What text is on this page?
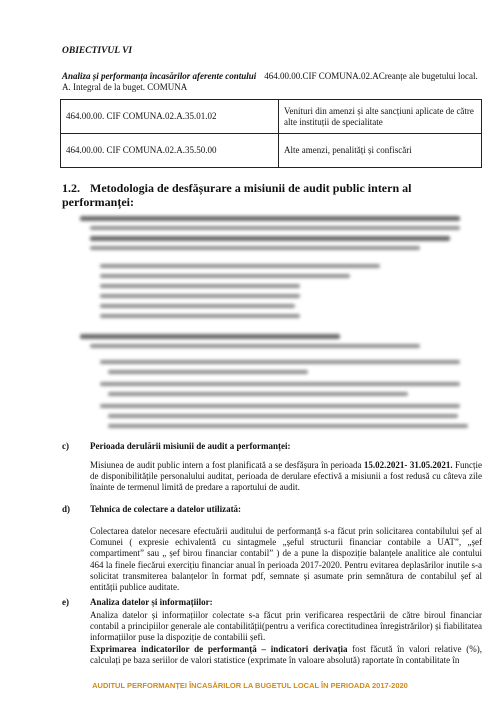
OBIECTIVUL VI
Analiza și performanța încasărilor aferente contului 464.00.00.CIF COMUNA.02.ACreanțe ale bugetului local. A. Integral de la buget. COMUNA
464.00.00. CIF COMUNA.02.A.35.01.02	Venituri din amenzi și alte sancțiuni aplicate de către alte instituții de specialitate
464.00.00. CIF COMUNA.02.A.35.50.00	Alte amenzi, penalități și confiscări
1.2. Metodologia de desfășurare a misiunii de audit public intern al performanței:
c) Perioada derulării misiunii de audit a performanței:
Misiunea de audit public intern a fost planificată a se desfășura în perioada 15.02.2021- 31.05.2021. Funcție de disponibilitățile personalului auditat, perioada de derulare efectivă a misiunii a fost redusă cu câteva zile înainte de termenul limită de predare a raportului de audit.
d) Tehnica de colectare a datelor utilizată:
Colectarea datelor necesare efectuării auditului de performanță s-a făcut prin solicitarea contabilului șef al Comunei ( expresie echivalentă cu sintagmele „șeful structurii financiar contabile a UAT”, „șef compartiment” sau „ șef birou financiar contabil” ) de a pune la dispoziție balanțele analitice ale contului 464 la finele fiecărui exercițiu financiar anual în perioada 2017-2020. Pentru evitarea deplasărilor inutile s-a solicitat transmiterea balanțelor în format pdf, semnate și asumate prin semnătura de contabilul șef al entității publice auditate.
e) Analiza datelor și informațiilor:
Analiza datelor și informațiilor colectate s-a făcut prin verificarea respectării de către biroul financiar contabil a principiilor generale ale contabilității(pentru a verifica corectitudinea înregistrărilor) și fiabilitatea informațiilor puse la dispoziție de contabilii șefi.
Exprimarea indicatorilor de performanță – indicatori derivația fost făcută în valori relative (%), calculați pe baza seriilor de valori statistice (exprimate în valoare absolută) raportate în contabilitate în
AUDITUL PERFORMANȚEI ÎNCASĂRILOR LA BUGETUL LOCAL ÎN PERIOADA 2017-2020
